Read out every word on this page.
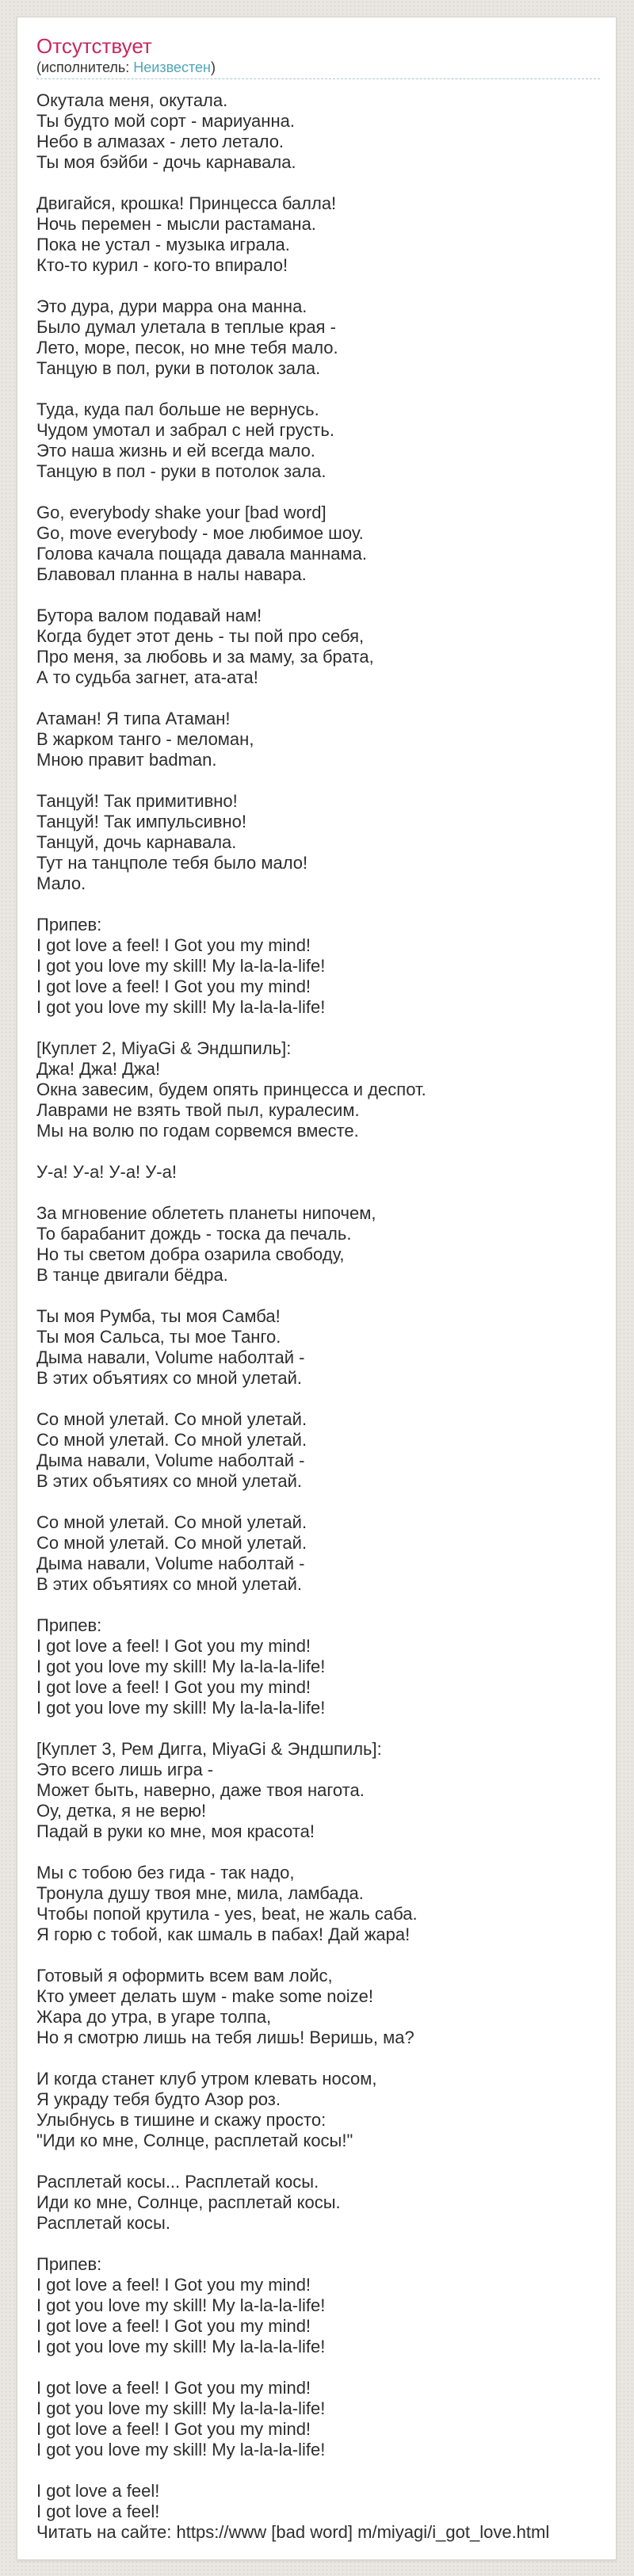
Отсутствует
(исполнитель: Неизвестен)

Окутала меня, окутала.
Ты будто мой сорт - мариуанна.
Небо в алмазах - лето летало.
Ты моя бэйби - дочь карнавала.

Двигайся, крошка! Принцесса балла!
Ночь перемен - мысли растамана.
Пока не устал - музыка играла.
Кто-то курил - кого-то впирало!

Это дура, дури марра она манна.
Было думал улетала в теплые края -
Лето, море, песок, но мне тебя мало.
Танцую в пол, руки в потолок зала.

Туда, куда пал больше не вернусь.
Чудом умотал и забрал с ней грусть.
Это наша жизнь и ей всегда мало.
Танцую в пол - руки в потолок зала.

Go, everybody shake your [bad word]
Go, move everybody - мое любимое шоу.
Голова качала пощада давала маннама.
Блавовал планна в налы навара.

Бутора валом подавай нам!
Когда будет этот день - ты пой про себя,
Про меня, за любовь и за маму, за брата,
А то судьба загнет, ата-ата!

Атаман! Я типа Атаман!
В жарком танго - меломан,
Мною правит badman.

Танцуй! Так примитивно!
Танцуй! Так импульсивно!
Танцуй, дочь карнавала.
Тут на танцполе тебя было мало!
Мало.

Припев:
I got love a feel! I Got you my mind!
I got you love my skill! My la-la-la-life!
I got love a feel! I Got you my mind!
I got you love my skill! My la-la-la-life!

[Куплет 2, MiyaGi & Эндшпиль]:
Джа! Джа! Джа!
Окна завесим, будем опять принцесса и деспот.
Лаврами не взять твой пыл, куралесим.
Мы на волю по годам сорвемся вместе.

У-а! У-а! У-а! У-а!

За мгновение облететь планеты нипочем,
То барабанит дождь - тоска да печаль.
Но ты светом добра озарила свободу,
В танце двигали бёдра.

Ты моя Румба, ты моя Самба!
Ты моя Сальса, ты мое Танго.
Дыма навали, Volume наболтай -
В этих объятиях со мной улетай.

Со мной улетай. Со мной улетай.
Со мной улетай. Со мной улетай.
Дыма навали, Volume наболтай -
В этих объятиях со мной улетай.

Со мной улетай. Со мной улетай.
Со мной улетай. Со мной улетай.
Дыма навали, Volume наболтай -
В этих объятиях со мной улетай.

Припев:
I got love a feel! I Got you my mind!
I got you love my skill! My la-la-la-life!
I got love a feel! I Got you my mind!
I got you love my skill! My la-la-la-life!

[Куплет 3, Рем Дигга, MiyaGi & Эндшпиль]:
Это всего лишь игра -
Может быть, наверно, даже твоя нагота.
Оу, детка, я не верю!
Падай в руки ко мне, моя красота!

Мы с тобою без гида - так надо,
Тронула душу твоя мне, мила, ламбада.
Чтобы попой крутила - yes, beat, не жаль саба.
Я горю с тобой, как шмаль в пабах! Дай жара!

Готовый я оформить всем вам лойс,
Кто умеет делать шум - make some noize!
Жара до утра, в угаре толпа,
Но я смотрю лишь на тебя лишь! Веришь, ма?

И когда станет клуб утром клевать носом,
Я украду тебя будто Азор роз.
Улыбнусь в тишине и скажу просто:
"Иди ко мне, Солнце, расплетай косы!"

Расплетай косы... Расплетай косы.
Иди ко мне, Солнце, расплетай косы.
Расплетай косы.

Припев:
I got love a feel! I Got you my mind!
I got you love my skill! My la-la-la-life!
I got love a feel! I Got you my mind!
I got you love my skill! My la-la-la-life!

I got love a feel! I Got you my mind!
I got you love my skill! My la-la-la-life!
I got love a feel! I Got you my mind!
I got you love my skill! My la-la-la-life!

I got love a feel!
I got love a feel!
Читать на сайте: https://www [bad word] m/miyagi/i_got_love.html
